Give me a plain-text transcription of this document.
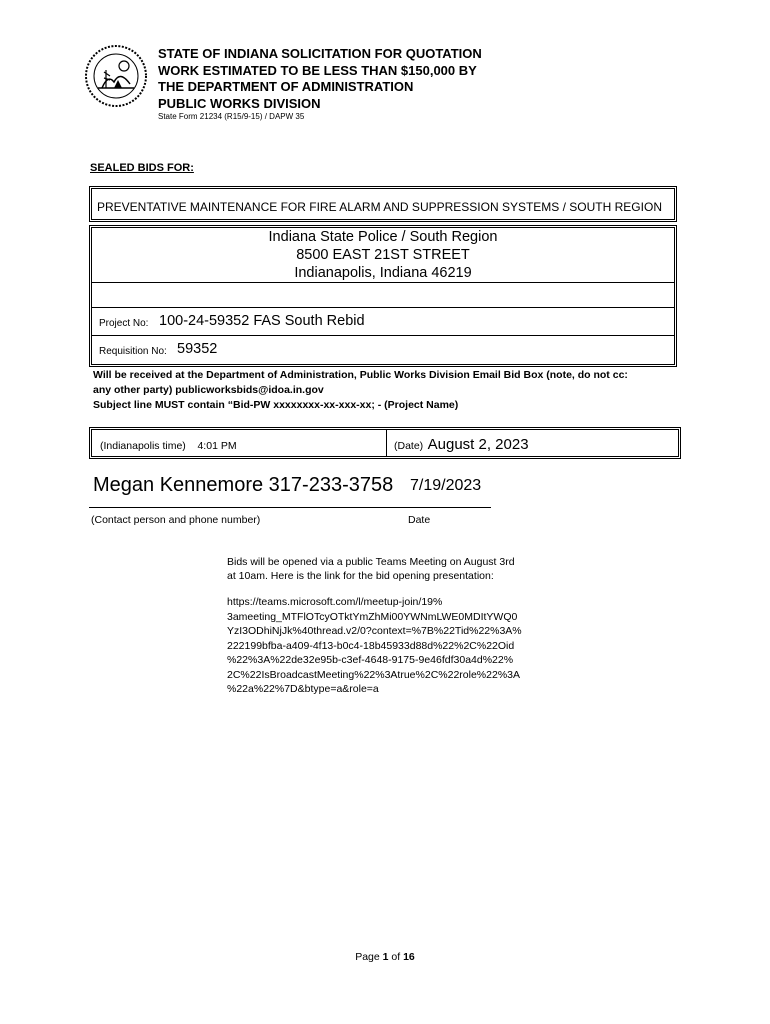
STATE OF INDIANA SOLICITATION FOR QUOTATION
WORK ESTIMATED TO BE LESS THAN $150,000 BY
THE DEPARTMENT OF ADMINISTRATION
PUBLIC WORKS DIVISION
State Form 21234 (R15/9-15) / DAPW 35
SEALED BIDS FOR:
PREVENTATIVE MAINTENANCE FOR FIRE ALARM AND SUPPRESSION SYSTEMS / SOUTH REGION
Indiana State Police / South Region
8500 EAST 21ST STREET
Indianapolis, Indiana 46219
Project No: 100-24-59352 FAS South Rebid
Requisition No: 59352
Will be received at the Department of Administration, Public Works Division Email Bid Box (note, do not cc:
any other party) publicworksbids@idoa.in.gov
Subject line MUST contain “Bid-PW xxxxxxxx-xx-xxx-xx; - (Project Name)
(Indianapolis time) 4:01 PM	(Date) August 2, 2023
Megan Kennemore 317-233-3758 7/19/2023
(Contact person and phone number)	Date
Bids will be opened via a public Teams Meeting on August 3rd
at 10am. Here is the link for the bid opening presentation:
https://teams.microsoft.com/l/meetup-join/19%
3ameeting_MTFlOTcyOTktYmZhMi00YWNmLWE0MDItYWQ0
YzI3ODhiNjJk%40thread.v2/0?context=%7B%22Tid%22%3A%
222199bfba-a409-4f13-b0c4-18b45933d88d%22%2C%22Oid
%22%3A%22de32e95b-c3ef-4648-9175-9e46fdf30a4d%22%
2C%22IsBroadcastMeeting%22%3Atrue%2C%22role%22%3A
%22a%22%7D&btype=a&role=a
Page 1 of 16
